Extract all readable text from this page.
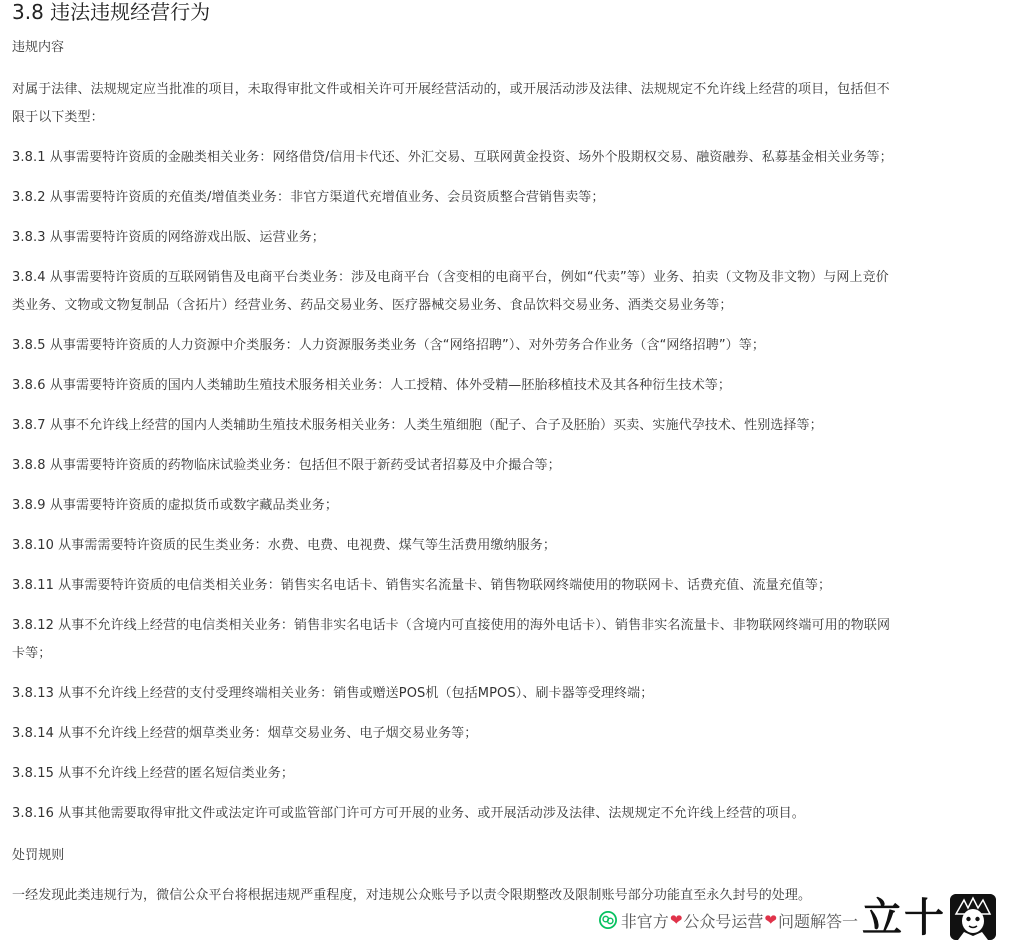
3.8 违法违规经营行为
违规内容
对属于法律、法规规定应当批准的项目，未取得审批文件或相关许可开展经营活动的，或开展活动涉及法律、法规规定不允许线上经营的项目，包括但不
限于以下类型：
3.8.1 从事需要特许资质的金融类相关业务：网络借贷/信用卡代还、外汇交易、互联网黄金投资、场外个股期权交易、融资融券、私募基金相关业务等；
3.8.2 从事需要特许资质的充值类/增值类业务：非官方渠道代充增值业务、会员资质整合营销售卖等；
3.8.3 从事需要特许资质的网络游戏出版、运营业务；
3.8.4 从事需要特许资质的互联网销售及电商平台类业务：涉及电商平台（含变相的电商平台，例如“代卖”等）业务、拍卖（文物及非文物）与网上竞价
类业务、文物或文物复制品（含拓片）经营业务、药品交易业务、医疗器械交易业务、食品饮料交易业务、酒类交易业务等；
3.8.5 从事需要特许资质的人力资源中介类服务：人力资源服务类业务（含“网络招聘”）、对外劳务合作业务（含“网络招聘”）等；
3.8.6 从事需要特许资质的国内人类辅助生殖技术服务相关业务：人工授精、体外受精—胚胎移植技术及其各种衍生技术等；
3.8.7 从事不允许线上经营的国内人类辅助生殖技术服务相关业务：人类生殖细胞（配子、合子及胚胎）买卖、实施代孕技术、性别选择等；
3.8.8 从事需要特许资质的药物临床试验类业务：包括但不限于新药受试者招募及中介撮合等；
3.8.9 从事需要特许资质的虚拟货币或数字藏品类业务；
3.8.10 从事需需要特许资质的民生类业务：水费、电费、电视费、煤气等生活费用缴纳服务；
3.8.11 从事需要特许资质的电信类相关业务：销售实名电话卡、销售实名流量卡、销售物联网终端使用的物联网卡、话费充值、流量充值等；
3.8.12 从事不允许线上经营的电信类相关业务：销售非实名电话卡（含境内可直接使用的海外电话卡）、销售非实名流量卡、非物联网终端可用的物联网
卡等；
3.8.13 从事不允许线上经营的支付受理终端相关业务：销售或赠送POS机（包括MPOS）、刷卡器等受理终端；
3.8.14 从事不允许线上经营的烟草类业务：烟草交易业务、电子烟交易业务等；
3.8.15 从事不允许线上经营的匿名短信类业务；
3.8.16 从事其他需要取得审批文件或法定许可或监管部门许可方可开展的业务、或开展活动涉及法律、法规规定不允许线上经营的项目。
处罚规则
一经发现此类违规行为，微信公众平台将根据违规严重程度，对违规公众账号予以责令限期整改及限制账号部分功能直至永久封号的处理。
非官方 ❤ 公众号运营 ❤ 问题解答一 立十
